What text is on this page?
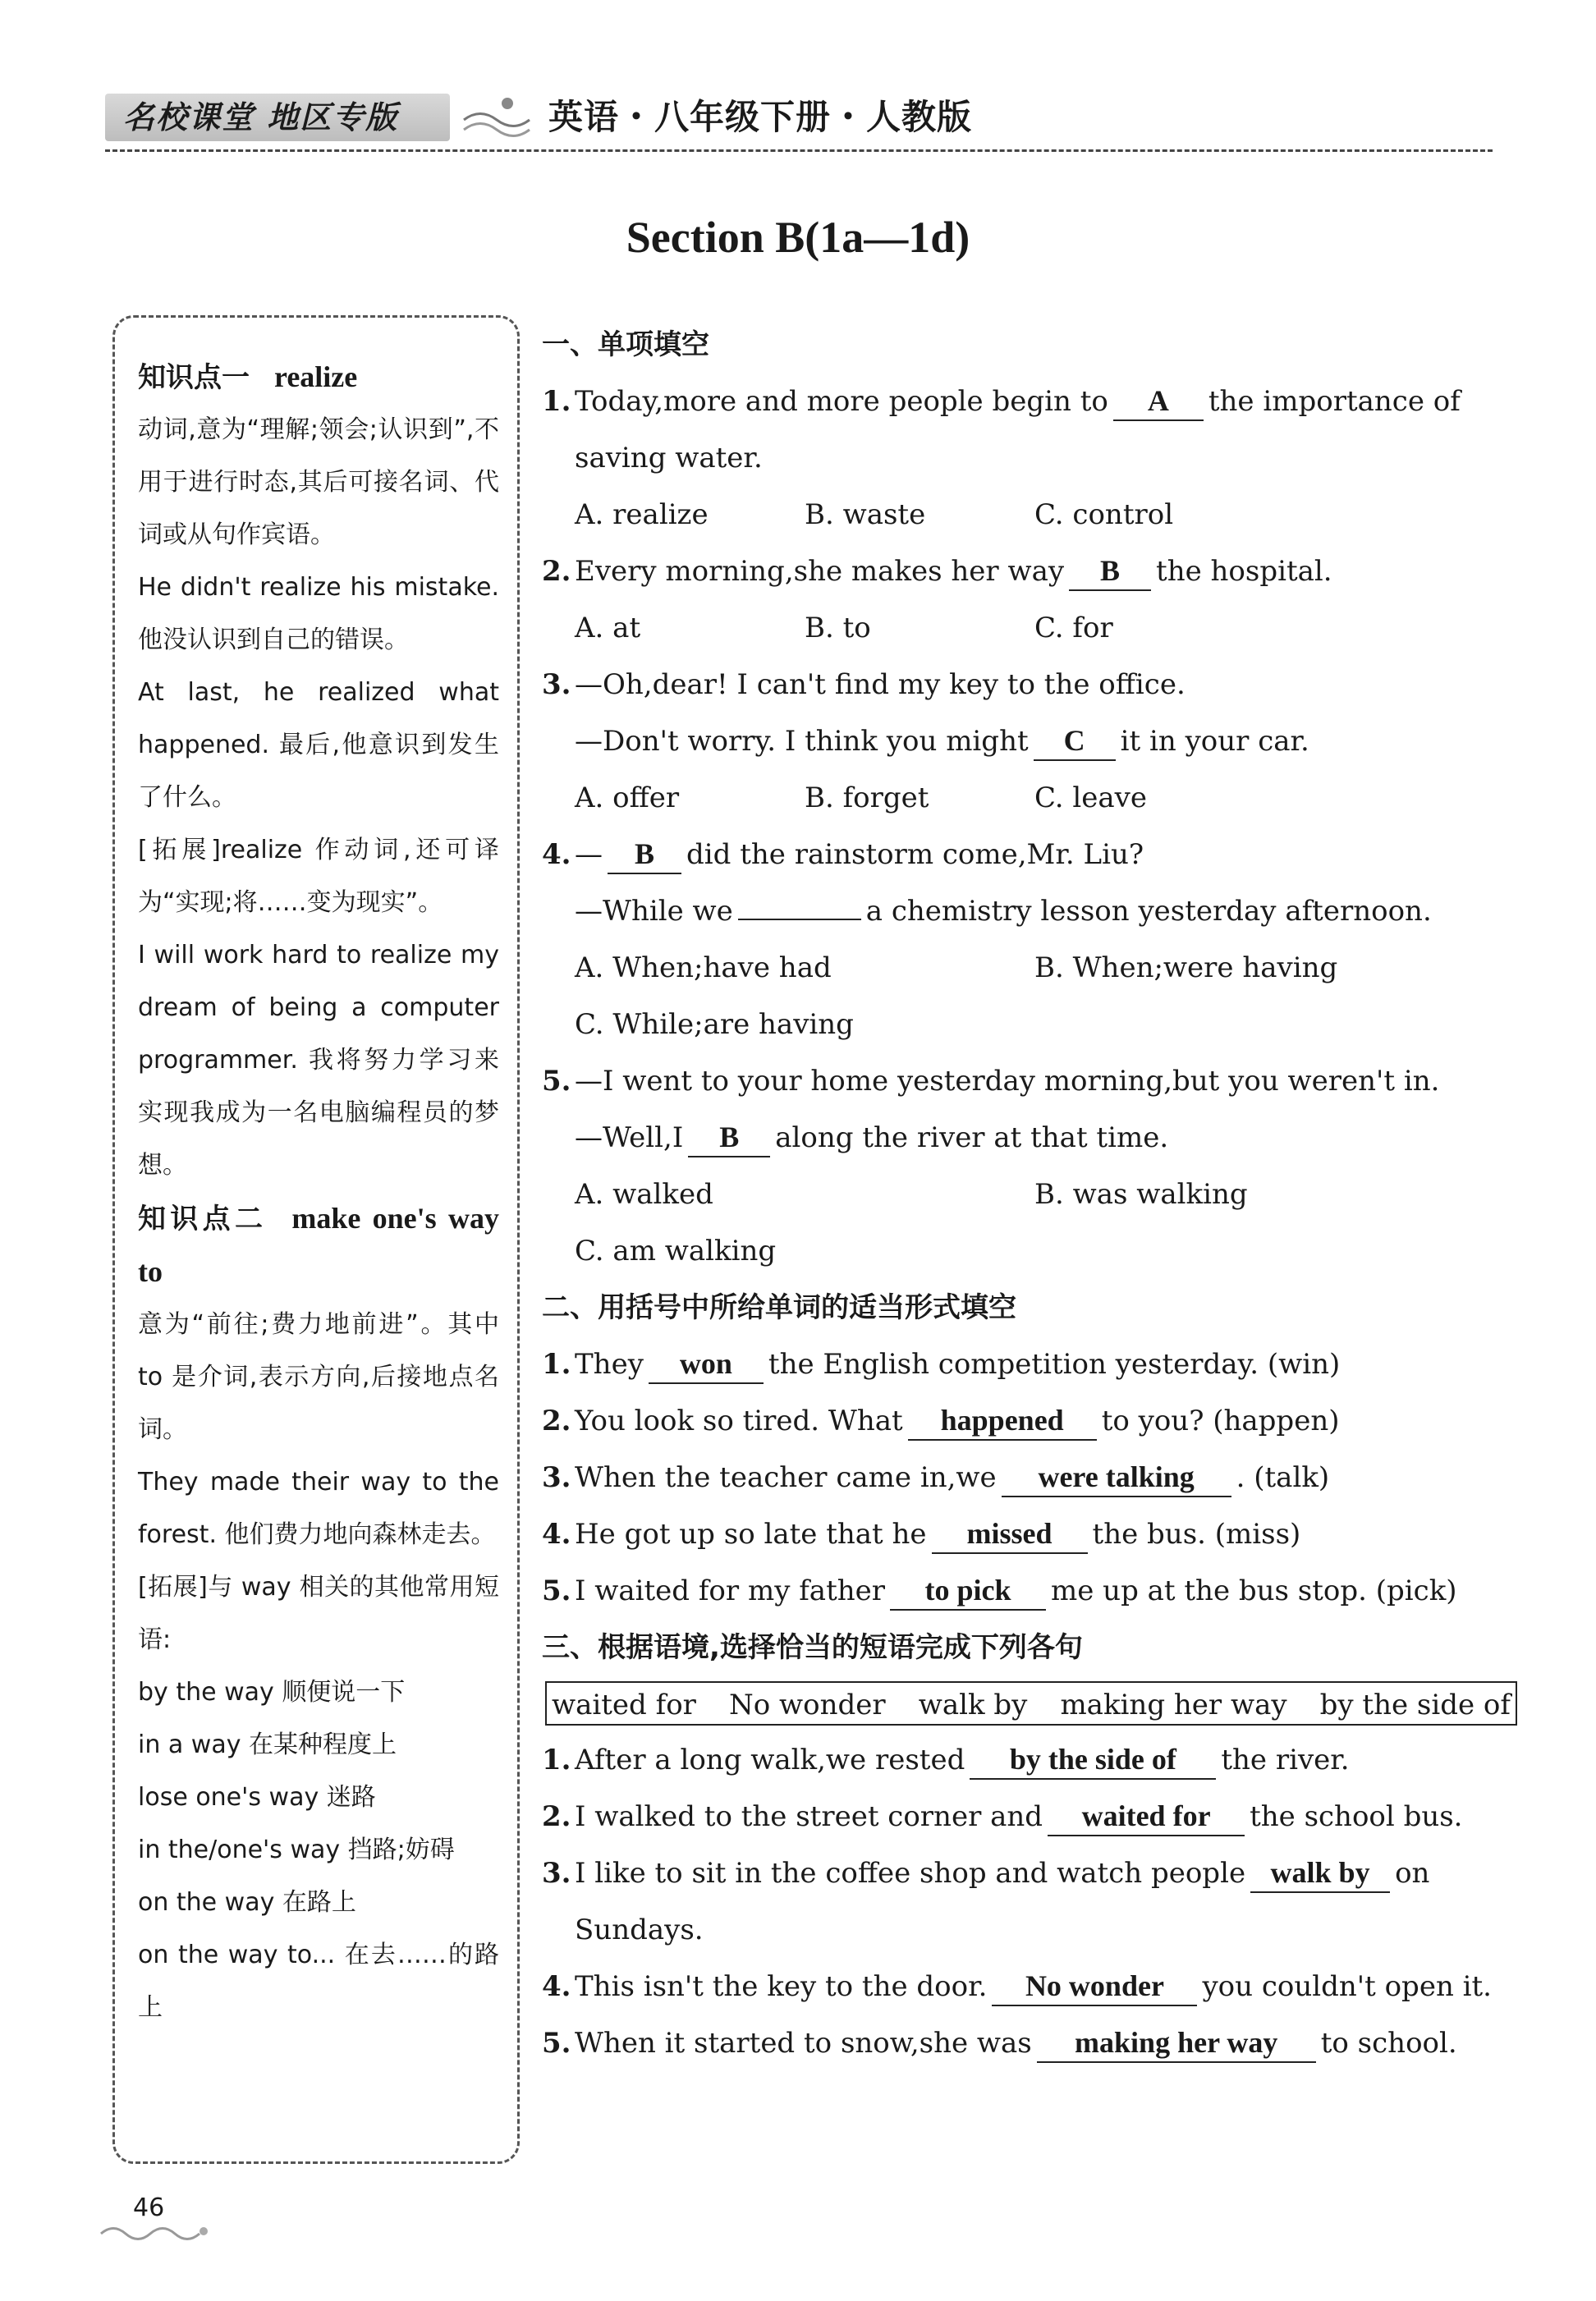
名校课堂 地区专版	英语・八年级下册・人教版
Section B(1a—1d)

知识点一 realize

动词,意为“理解;领会;认识到”,不用于进行时态,其后可接名词、代词或从句作宾语。

He didn't realize his mistake. 他没认识到自己的错误。

At last, he realized what happened. 最后,他意识到发生了什么。

[拓展]realize 作动词,还可译为“实现;将……变为现实”。

I will work hard to realize my dream of being a computer programmer. 我将努力学习来实现我成为一名电脑编程员的梦想。

知识点二 make one's way to

意为“前往;费力地前进”。其中 to 是介词,表示方向,后接地点名词。

They made their way to the forest. 他们费力地向森林走去。

[拓展]与 way 相关的其他常用短语:

by the way 顺便说一下

in a way 在某种程度上

lose one's way 迷路

in the/one's way 挡路;妨碍

on the way 在路上

on the way to... 在去……的路上

一、单项填空
1. Today,more and more people begin to A the importance of
saving water.
A. realize	B. waste	C. control
2. Every morning,she makes her way B the hospital.
A. at	B. to	C. for
3. —Oh,dear! I can't find my key to the office.
—Don't worry. I think you might C it in your car.
A. offer	B. forget	C. leave
4. — B did the rainstorm come,Mr. Liu?
—While we	a chemistry lesson yesterday afternoon.
A. When;have had	B. When;were having
C. While;are having
5. —I went to your home yesterday morning,but you weren't in.
—Well,I B along the river at that time.
A. walked	B. was walking
C. am walking
二、用括号中所给单词的适当形式填空
1. They won the English competition yesterday. (win)
2. You look so tired. What happened to you? (happen)
3. When the teacher came in,we were talking . (talk)
4. He got up so late that he missed the bus. (miss)
5. I waited for my father to pick me up at the bus stop. (pick)
三、根据语境,选择恰当的短语完成下列各句
waited for No wonder walk by making her way by the side of
1. After a long walk,we rested by the side of the river.
2. I walked to the street corner and waited for the school bus.
3. I like to sit in the coffee shop and watch people walk by on
Sundays.
4. This isn't the key to the door. No wonder you couldn't open it.
5. When it started to snow,she was making her way to school.
46
